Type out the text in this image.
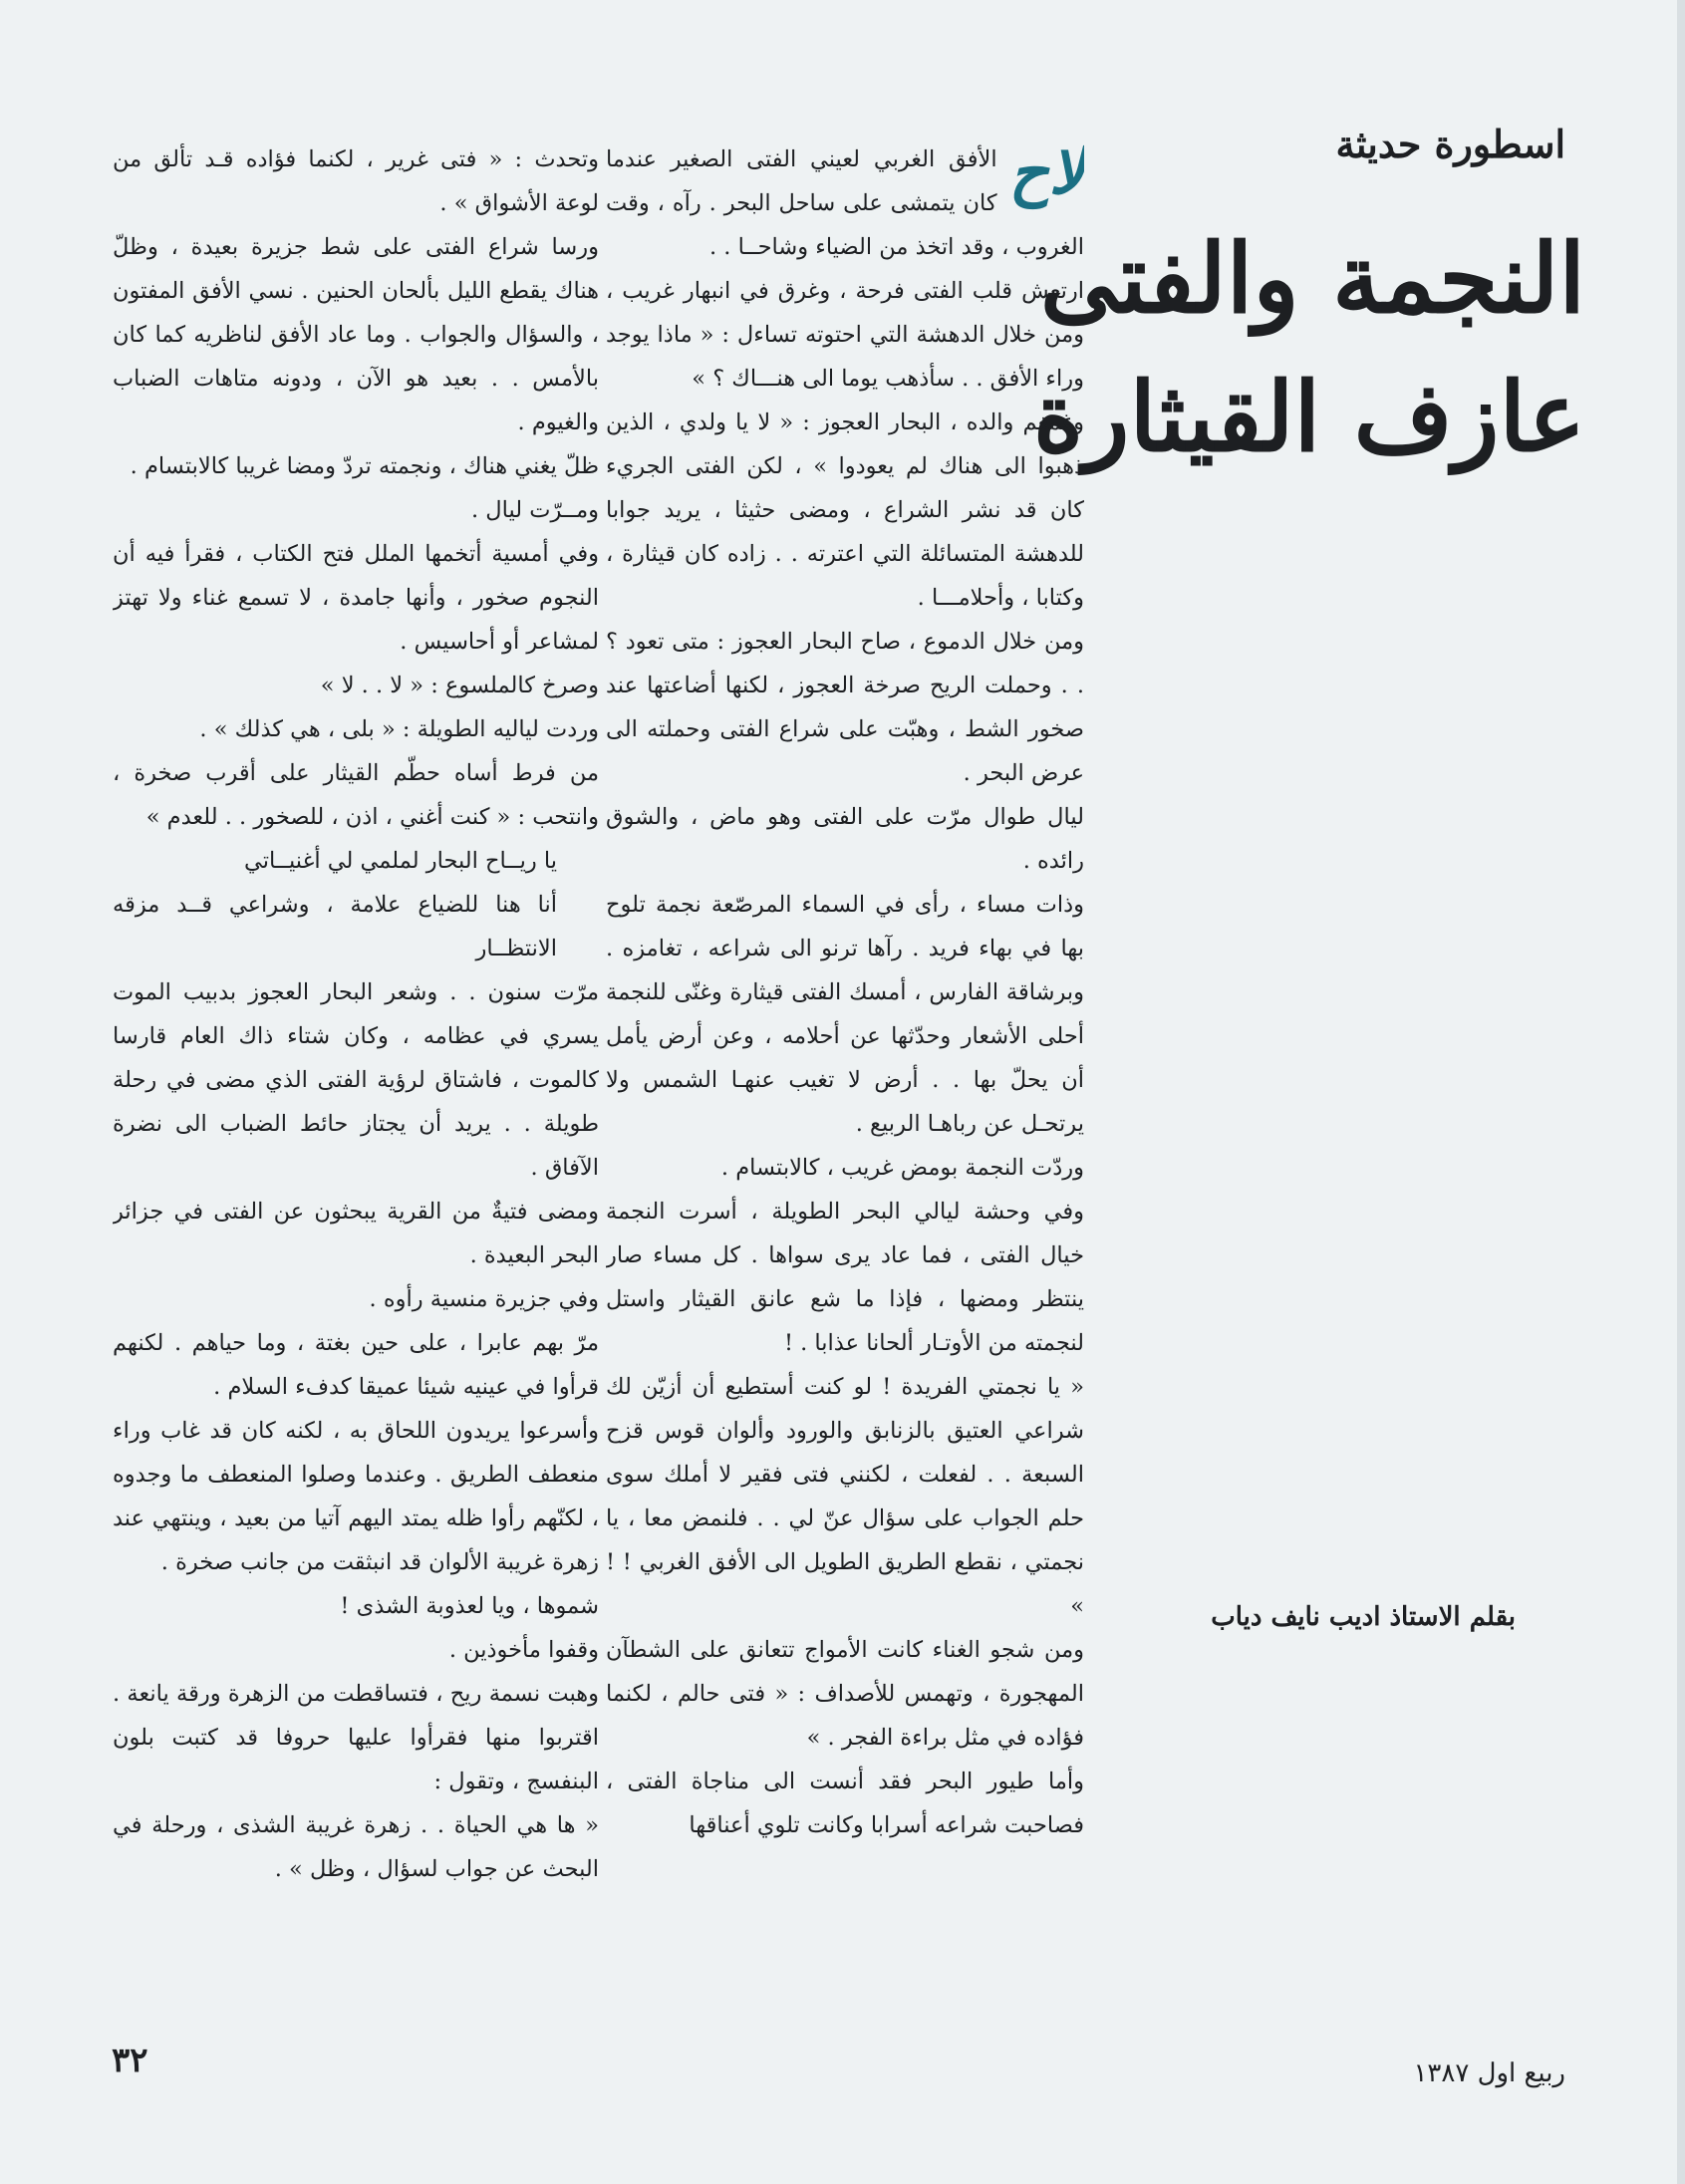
اسطورة حديثة
النجمة والفتى
عازف القيثارة
بقلم الاستاذ اديب نايف دياب
ربيع اول ١٣٨٧
لاح

الأفق الغربي لعيني الفتى الصغير عندما كان يتمشى على ساحل البحر . رآه ، وقت الغروب ، وقد اتخذ من الضياء وشاحــا . .

ارتعش قلب الفتى فرحة ، وغرق في انبهار غريب ، ومن خلال الدهشة التي احتوته تساءل : « ماذا يوجد وراء الأفق . . سأذهب يوما الى هنـــاك ؟ »

وغمغم والده ، البحار العجوز : « لا يا ولدي ، الذين ذهبوا الى هناك لم يعودوا » ، لكن الفتى الجريء كان قد نشر الشراع ، ومضى حثيثا ، يريد جوابا للدهشة المتسائلة التي اعترته . . زاده كان قيثارة ، وكتابا ، وأحلامـــا .

ومن خلال الدموع ، صاح البحار العجوز : متى تعود ؟ . . وحملت الريح صرخة العجوز ، لكنها أضاعتها عند صخور الشط ، وهبّت على شراع الفتى وحملته الى عرض البحر .

ليال طوال مرّت على الفتى وهو ماض ، والشوق رائده .

وذات مساء ، رأى في السماء المرصّعة نجمة تلوح بها في بهاء فريد . رآها ترنو الى شراعه ، تغامزه . وبرشاقة الفارس ، أمسك الفتى قيثارة وغنّى للنجمة أحلى الأشعار وحدّثها عن أحلامه ، وعن أرض يأمل أن يحلّ بها . . أرض لا تغيب عنهـا الشمس ولا يرتحـل عن رباهـا الربيع .

وردّت النجمة بومض غريب ، كالابتسام .

وفي وحشة ليالي البحر الطويلة ، أسرت النجمة خيال الفتى ، فما عاد يرى سواها . كل مساء صار ينتظر ومضها ، فإذا ما شع عانق القيثار واستل لنجمته من الأوتـار ألحانا عذابا . !

« يا نجمتي الفريدة ! لو كنت أستطيع أن أزيّن لك شراعي العتيق بالزنابق والورود وألوان قوس قزح السبعة . . لفعلت ، لكنني فتى فقير لا أملك سوى حلم الجواب على سؤال عنّ لي . . فلنمض معا ، يا نجمتي ، نقطع الطريق الطويل الى الأفق الغربي ! ! »

ومن شجو الغناء كانت الأمواج تتعانق على الشطآن المهجورة ، وتهمس للأصداف : « فتى حالم ، لكنما فؤاده في مثل براءة الفجر . »

وأما طيور البحر فقد أنست الى مناجاة الفتى ، فصاحبت شراعه أسرابا وكانت تلوي أعناقها

وتحدث : « فتى غرير ، لكنما فؤاده قـد تألق من لوعة الأشواق » .

ورسا شراع الفتى على شط جزيرة بعيدة ، وظلّ هناك يقطع الليل بألحان الحنين . نسي الأفق المفتون ، والسؤال والجواب . وما عاد الأفق لناظريه كما كان بالأمس . . بعيد هو الآن ، ودونه متاهات الضباب والغيوم .

ظلّ يغني هناك ، ونجمته تردّ ومضا غريبا كالابتسام .

ومــرّت ليال .

وفي أمسية أتخمها الملل فتح الكتاب ، فقرأ فيه أن النجوم صخور ، وأنها جامدة ، لا تسمع غناء ولا تهتز لمشاعر أو أحاسيس .

وصرخ كالملسوع : « لا . . لا »

وردت لياليه الطويلة : « بلى ، هي كذلك » .

من فرط أساه حطّم القيثار على أقرب صخرة ، وانتحب : « كنت أغني ، اذن ، للصخور . . للعدم »

يا ريــاح البحار لملمي لي أغنيــاتي
أنا هنا للضياع علامة ، وشراعي قــد مزقه الانتظــار

مرّت سنون . . وشعر البحار العجوز بدبيب الموت يسري في عظامه ، وكان شتاء ذاك العام قارسا كالموت ، فاشتاق لرؤية الفتى الذي مضى في رحلة طويلة . . يريد أن يجتاز حائط الضباب الى نضرة الآفاق .

ومضى فتيةٌ من القرية يبحثون عن الفتى في جزائر البحر البعيدة .

وفي جزيرة منسية رأوه .

مرّ بهم عابرا ، على حين بغتة ، وما حياهم . لكنهم قرأوا في عينيه شيئا عميقا كدفء السلام .

وأسرعوا يريدون اللحاق به ، لكنه كان قد غاب وراء منعطف الطريق . وعندما وصلوا المنعطف ما وجدوه ، لكنّهم رأوا ظله يمتد اليهم آتيا من بعيد ، وينتهي عند زهرة غريبة الألوان قد انبثقت من جانب صخرة .

شموها ، ويا لعذوبة الشذى !

وقفوا مأخوذين .

وهبت نسمة ريح ، فتساقطت من الزهرة ورقة يانعة . اقتربوا منها فقرأوا عليها حروفا قد كتبت بلون البنفسج ، وتقول :

« ها هي الحياة . . زهرة غريبة الشذى ، ورحلة في البحث عن جواب لسؤال ، وظل » .

٣٢
